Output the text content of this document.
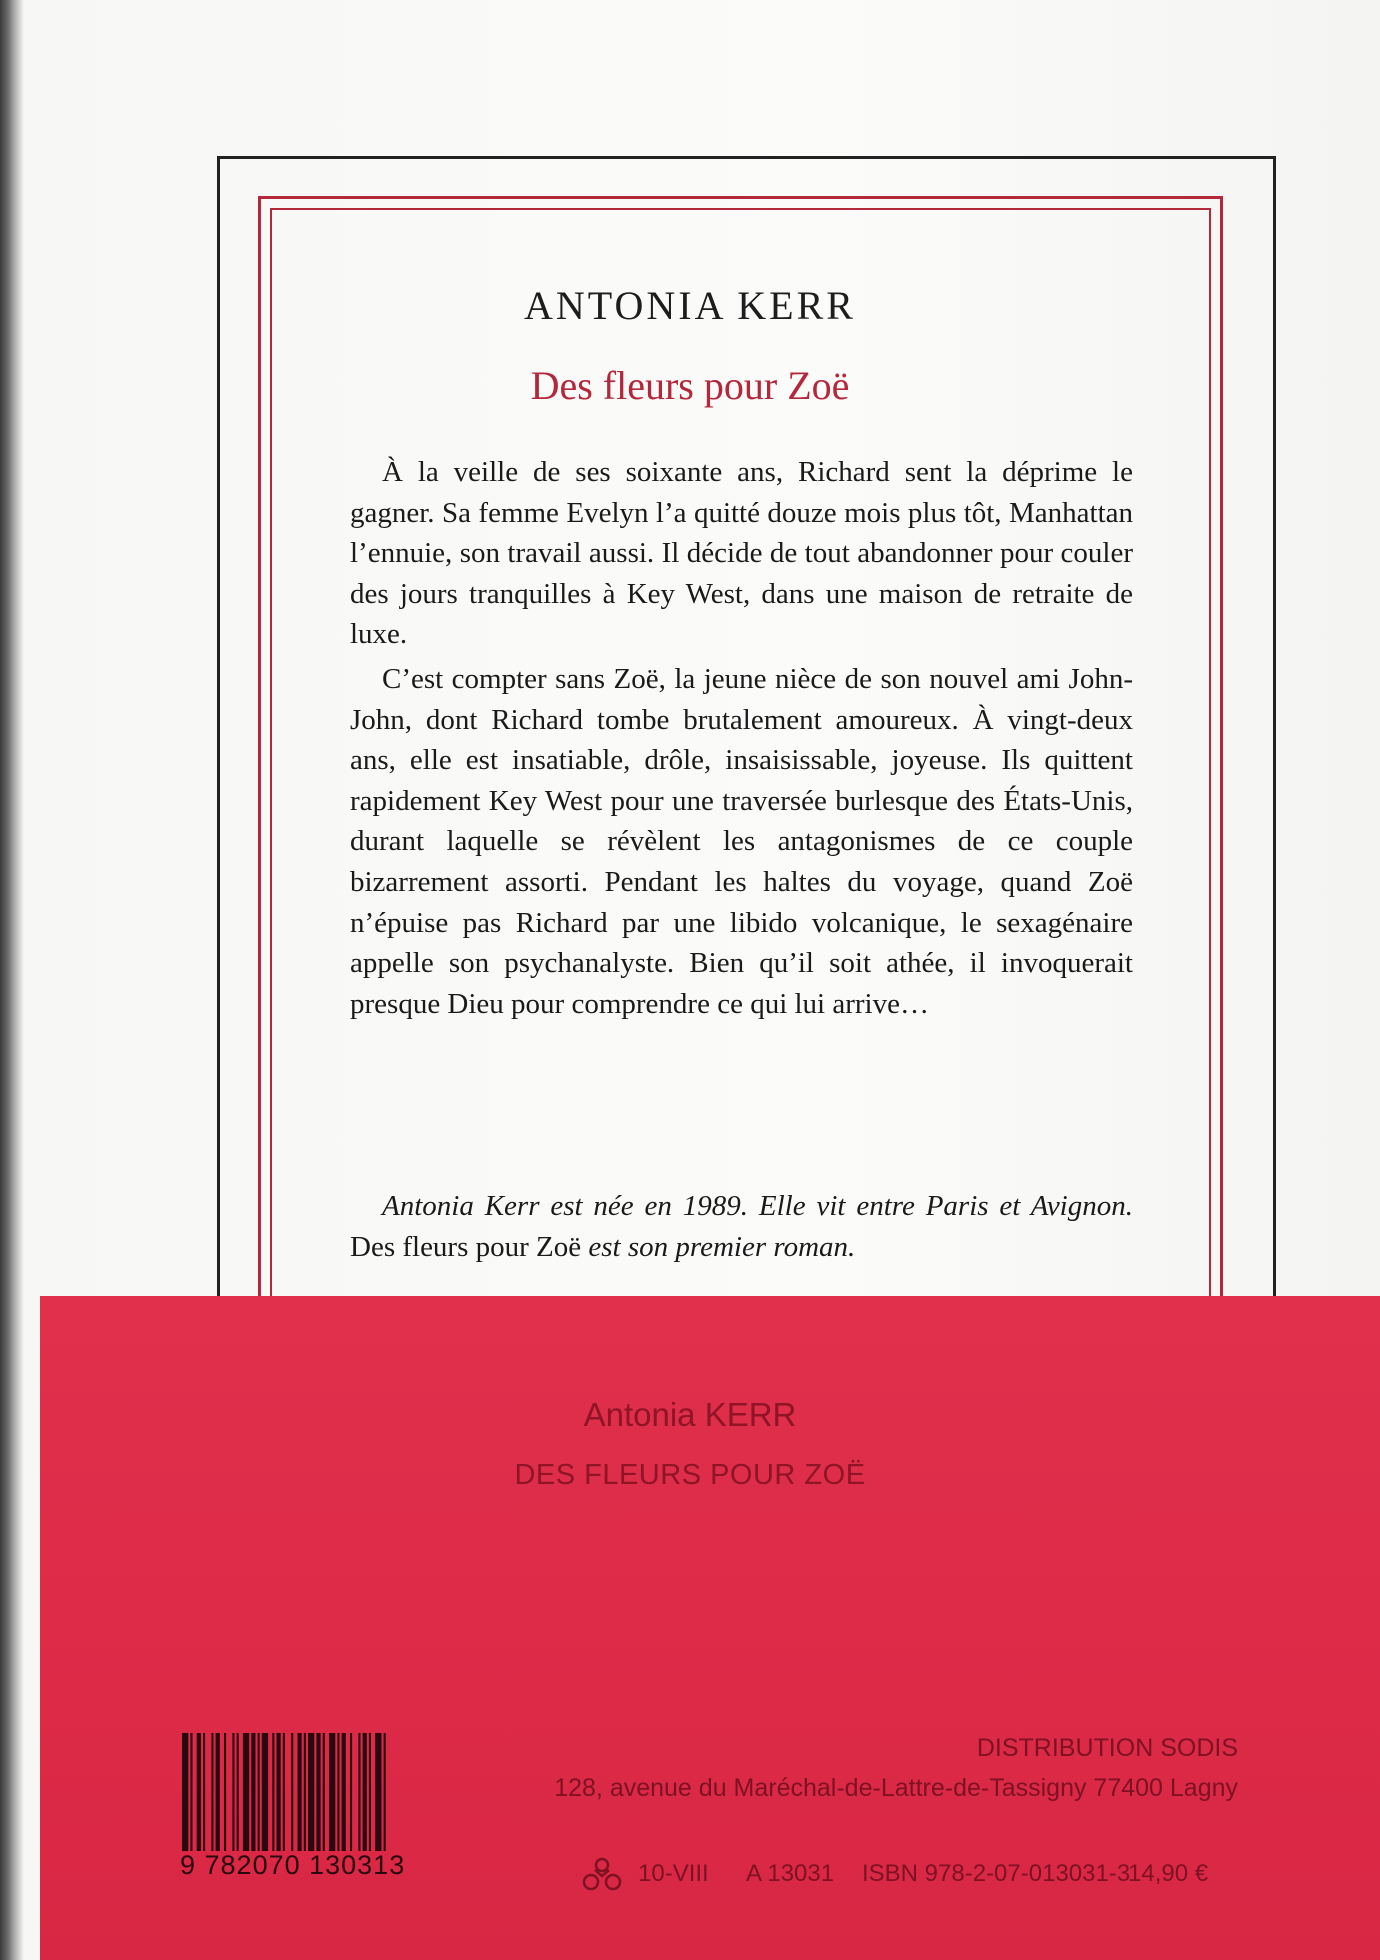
ANTONIA KERR
Des fleurs pour Zoë

À la veille de ses soixante ans, Richard sent la déprime le gagner. Sa femme Evelyn l’a quitté douze mois plus tôt, Manhattan l’ennuie, son travail aussi. Il décide de tout abandonner pour couler des jours tranquilles à Key West, dans une maison de retraite de luxe.

C’est compter sans Zoë, la jeune nièce de son nouvel ami John-John, dont Richard tombe brutalement amoureux. À vingt-deux ans, elle est insatiable, drôle, insaisissable, joyeuse. Ils quittent rapidement Key West pour une traversée burlesque des États-Unis, durant laquelle se révèlent les antagonismes de ce couple bizarrement assorti. Pendant les haltes du voyage, quand Zoë n’épuise pas Richard par une libido volcanique, le sexagénaire appelle son psychanalyste. Bien qu’il soit athée, il invoquerait presque Dieu pour comprendre ce qui lui arrive…

Antonia Kerr est née en 1989. Elle vit entre Paris et Avignon. Des fleurs pour Zoë est son premier roman.
Antonia KERR
DES FLEURS POUR ZOË
9 782070 130313
DISTRIBUTION SODIS
128, avenue du Maréchal-de-Lattre-de-Tassigny 77400 Lagny
10-VIII A 13031 ISBN 978-2-07-013031-3
14,90 €
